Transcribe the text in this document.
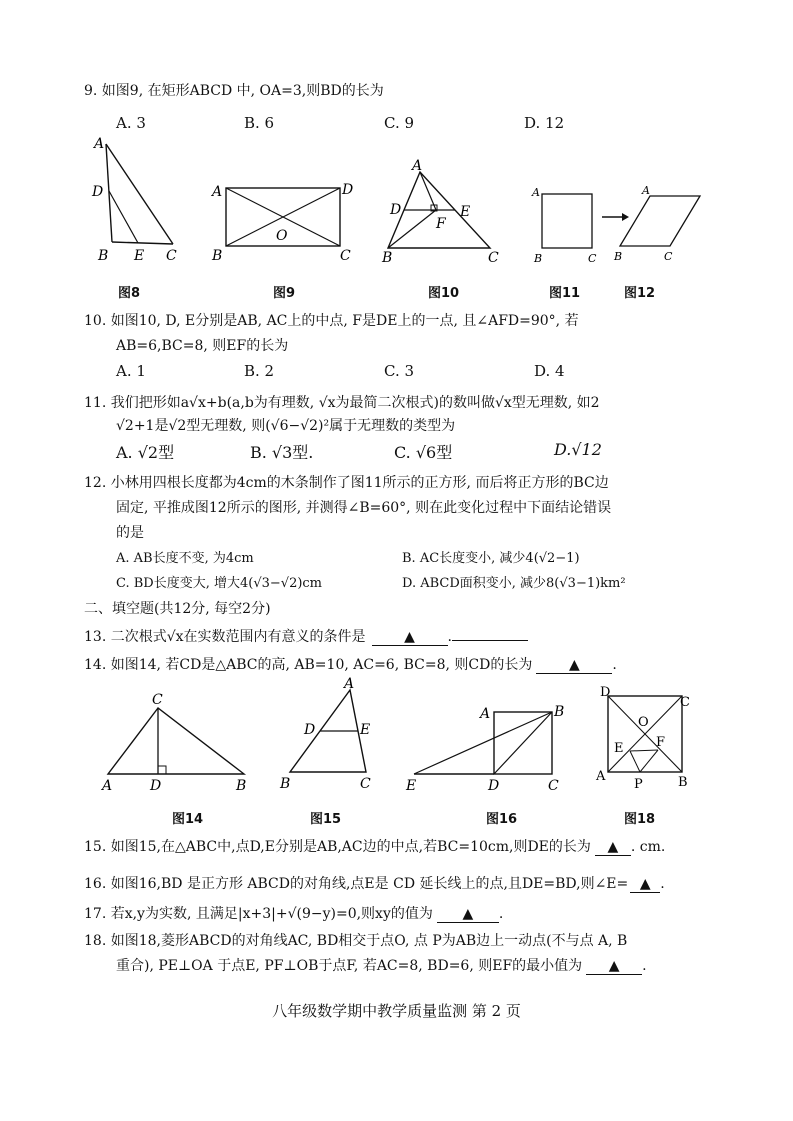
9. 如图9, 在矩形ABCD 中, OA=3,则BD的长为
A. 3	B. 6	C. 9	D. 12
A
D
B E C
图8
A	D
O
B	C
图9
A
D	E
F
B	C
图10
A
B	C
图11
A
B	C
图12
10. 如图10, D, E分别是AB, AC上的中点, F是DE上的一点, 且∠AFD=90°, 若
AB=6,BC=8, 则EF的长为
A. 1	B. 2	C. 3	D. 4
11. 我们把形如a√x+b(a,b为有理数, √x为最简二次根式)的数叫做√x型无理数, 如2
√2+1是√2型无理数, 则(√6−√2)²属于无理数的类型为
A. √2型	B. √3型.	C. √6型	D.√12
12. 小林用四根长度都为4cm的木条制作了图11所示的正方形, 而后将正方形的BC边
固定, 平推成图12所示的图形, 并测得∠B=60°, 则在此变化过程中下面结论错误
的是
A. AB长度不变, 为4cm	B. AC长度变小, 减少4(√2−1)
C. BD长度变大, 增大4(√3−√2)cm	D. ABCD面积变小, 减少8(√3−1)km²
二、填空题(共12分, 每空2分)
13. 二次根式√x在实数范围内有意义的条件是	▲ .
14. 如图14, 若CD是△ABC的高, AB=10, AC=6, BC=8, 则CD的长为	▲ .
C
A	D	B
图14
A
D	E
B	C
图15
A	B
E	D	C
图16
D
C
O
E	F
A
P	B
图18
15. 如图15,在△ABC中,点D,E分别是AB,AC边的中点,若BC=10cm,则DE的长为 ▲ . cm.
16. 如图16,BD 是正方形 ABCD的对角线,点E是 CD 延长线上的点,且DE=BD,则∠E= ▲ .
17. 若x,y为实数, 且满足|x+3|+√(9−y)=0,则xy的值为 ▲ .
18. 如图18,菱形ABCD的对角线AC, BD相交于点O, 点 P为AB边上一动点(不与点 A, B
重合), PE⊥OA 于点E, PF⊥OB于点F, 若AC=8, BD=6, 则EF的最小值为 ▲ .
八年级数学期中教学质量监测 第 2 页
